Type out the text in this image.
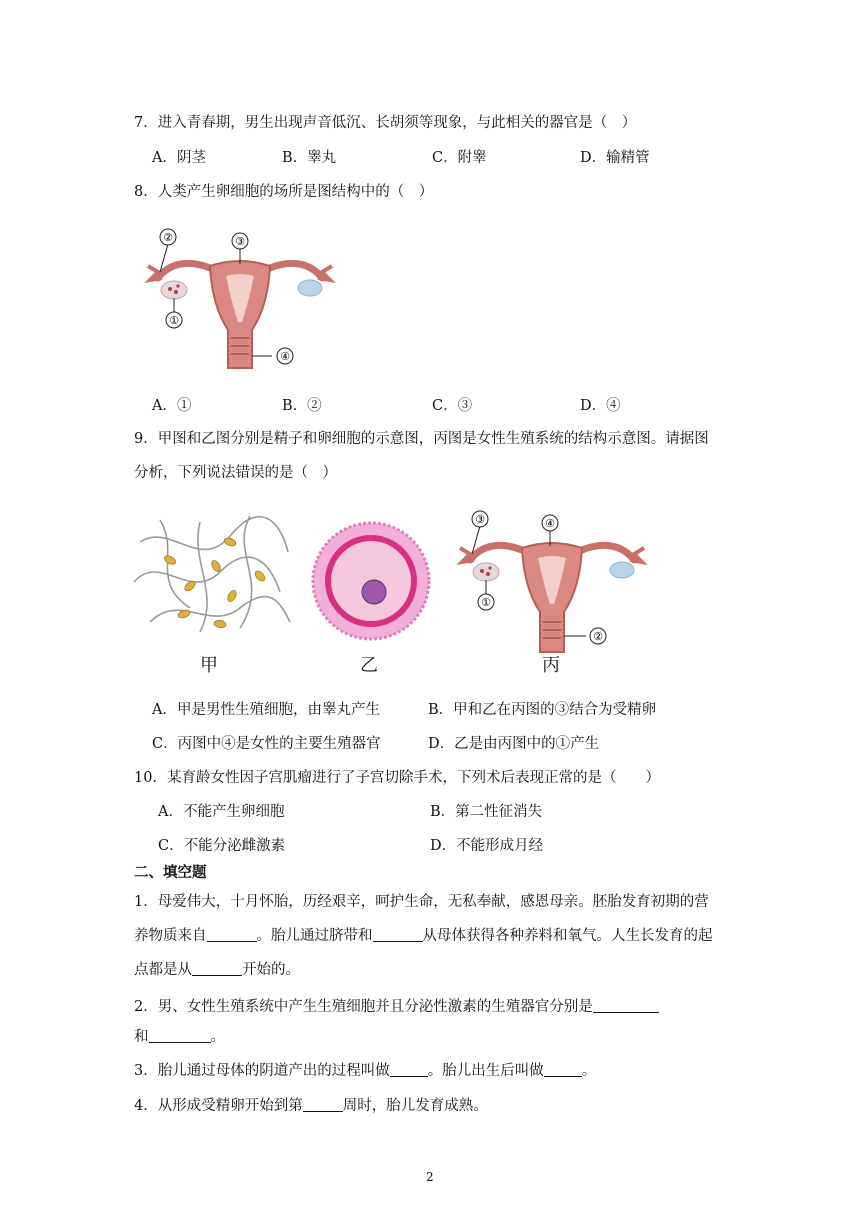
7．进入青春期，男生出现声音低沉、长胡须等现象，与此相关的器官是（　）
A．阴茎	B．睾丸	C．附睾	D．输精管
8．人类产生卵细胞的场所是图结构中的（　）
②	③
①
④
A．①	B．②	C．③	D．④
9．甲图和乙图分别是精子和卵细胞的示意图，丙图是女性生殖系统的结构示意图。请据图
分析，下列说法错误的是（　）
③	④
①
②
甲	乙	丙
A．甲是男性生殖细胞，由睾丸产生	B．甲和乙在丙图的③结合为受精卵
C．丙图中④是女性的主要生殖器官	D．乙是由丙图中的①产生
10．某育龄女性因子宫肌瘤进行了子宫切除手术，下列术后表现正常的是（　　）
A．不能产生卵细胞	B．第二性征消失
C．不能分泌雌激素	D．不能形成月经
二、填空题
1．母爱伟大，十月怀胎，历经艰辛，呵护生命，无私奉献，感恩母亲。胚胎发育初期的营
养物质来自	。胎儿通过脐带和	从母体获得各种养料和氧气。人生长发育的起
点都是从	开始的。
2．男、女性生殖系统中产生生殖细胞并且分泌性激素的生殖器官分别是
和	。
3．胎儿通过母体的阴道产出的过程叫做	。胎儿出生后叫做	。
4．从形成受精卵开始到第	周时，胎儿发育成熟。
2
